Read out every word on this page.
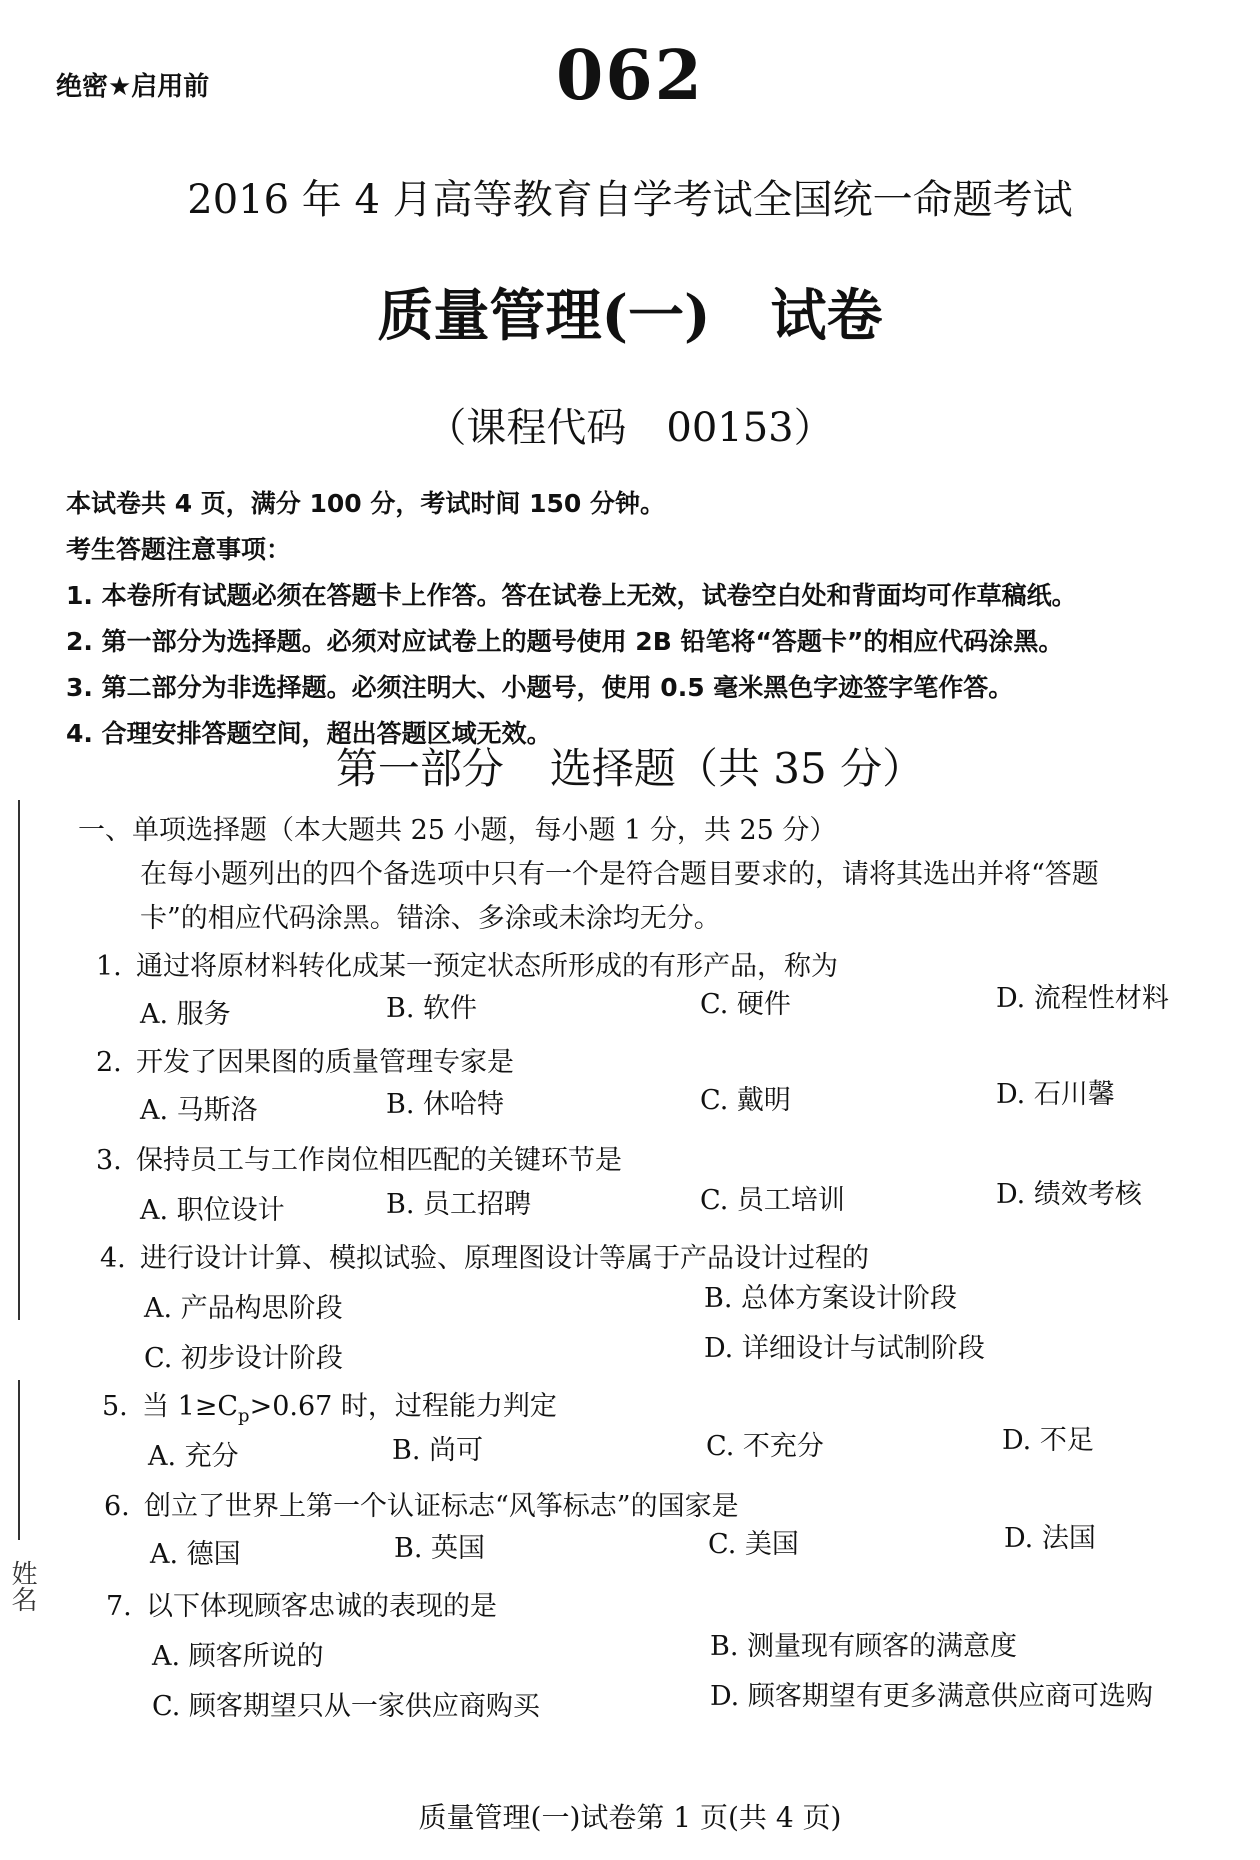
姓名
绝密★启用前	062
2016 年 4 月高等教育自学考试全国统一命题考试
质量管理(一) 试卷
（课程代码 00153）
本试卷共 4 页，满分 100 分，考试时间 150 分钟。
考生答题注意事项：
1. 本卷所有试题必须在答题卡上作答。答在试卷上无效，试卷空白处和背面均可作草稿纸。
2. 第一部分为选择题。必须对应试卷上的题号使用 2B 铅笔将“答题卡”的相应代码涂黑。
3. 第二部分为非选择题。必须注明大、小题号，使用 0.5 毫米黑色字迹签字笔作答。
4. 合理安排答题空间，超出答题区域无效。
第一部分 选择题（共 35 分）
一、单项选择题（本大题共 25 小题，每小题 1 分，共 25 分）
在每小题列出的四个备选项中只有一个是符合题目要求的，请将其选出并将“答题
卡”的相应代码涂黑。错涂、多涂或未涂均无分。
1. 通过将原材料转化成某一预定状态所形成的有形产品，称为
A. 服务	B. 软件	C. 硬件	D. 流程性材料
2. 开发了因果图的质量管理专家是
A. 马斯洛	B. 休哈特	C. 戴明	D. 石川馨
3. 保持员工与工作岗位相匹配的关键环节是
A. 职位设计	B. 员工招聘	C. 员工培训	D. 绩效考核
4. 进行设计计算、模拟试验、原理图设计等属于产品设计过程的
A. 产品构思阶段	B. 总体方案设计阶段
C. 初步设计阶段	D. 详细设计与试制阶段
5. 当 $1\ge C_p>0.67$ 时，过程能力判定
A. 充分	B. 尚可	C. 不充分	D. 不足
6. 创立了世界上第一个认证标志“风筝标志”的国家是
A. 德国	B. 英国	C. 美国	D. 法国
7. 以下体现顾客忠诚的表现的是
A. 顾客所说的	B. 测量现有顾客的满意度
C. 顾客期望只从一家供应商购买	D. 顾客期望有更多满意供应商可选购
质量管理(一)试卷第 1 页(共 4 页)
